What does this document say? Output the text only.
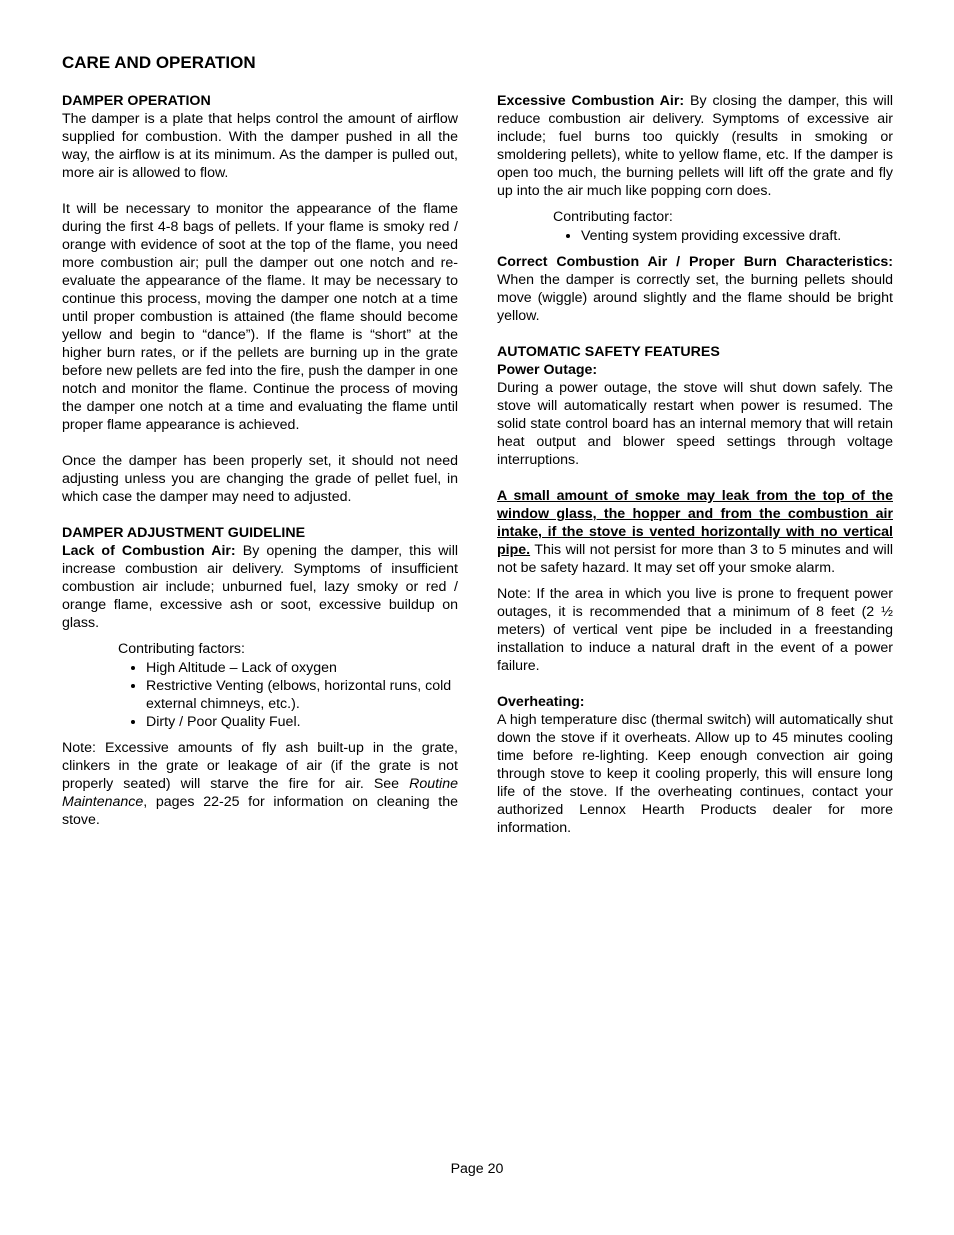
CARE AND OPERATION

DAMPER OPERATION

The damper is a plate that helps control the amount of airflow supplied for combustion. With the damper pushed in all the way, the airflow is at its minimum. As the damper is pulled out, more air is allowed to flow.

It will be necessary to monitor the appearance of the flame during the first 4-8 bags of pellets. If your flame is smoky red / orange with evidence of soot at the top of the flame, you need more combustion air; pull the damper out one notch and re-evaluate the appearance of the flame. It may be necessary to continue this process, moving the damper one notch at a time until proper combustion is attained (the flame should become yellow and begin to “dance”). If the flame is “short” at the higher burn rates, or if the pellets are burning up in the grate before new pellets are fed into the fire, push the damper in one notch and monitor the flame. Continue the process of moving the damper one notch at a time and evaluating the flame until proper flame appearance is achieved.

Once the damper has been properly set, it should not need adjusting unless you are changing the grade of pellet fuel, in which case the damper may need to adjusted.

DAMPER ADJUSTMENT GUIDELINE

Lack of Combustion Air: By opening the damper, this will increase combustion air delivery. Symptoms of insufficient combustion air include; unburned fuel, lazy smoky or red / orange flame, excessive ash or soot, excessive buildup on glass.

Contributing factors:

• High Altitude – Lack of oxygen
• Restrictive Venting (elbows, horizontal runs, cold external chimneys, etc.).
• Dirty / Poor Quality Fuel.

Note: Excessive amounts of fly ash built-up in the grate, clinkers in the grate or leakage of air (if the grate is not properly seated) will starve the fire for air. See Routine Maintenance, pages 22-25 for information on cleaning the stove.

Excessive Combustion Air: By closing the damper, this will reduce combustion air delivery. Symptoms of excessive air include; fuel burns too quickly (results in smoking or smoldering pellets), white to yellow flame, etc. If the damper is open too much, the burning pellets will lift off the grate and fly up into the air much like popping corn does.

Contributing factor:

• Venting system providing excessive draft.

Correct Combustion Air / Proper Burn Characteristics: When the damper is correctly set, the burning pellets should move (wiggle) around slightly and the flame should be bright yellow.

AUTOMATIC SAFETY FEATURES

Power Outage:

During a power outage, the stove will shut down safely. The stove will automatically restart when power is resumed. The solid state control board has an internal memory that will retain heat output and blower speed settings through voltage interruptions.

A small amount of smoke may leak from the top of the window glass, the hopper and from the combustion air intake, if the stove is vented horizontally with no vertical pipe. This will not persist for more than 3 to 5 minutes and will not be safety hazard. It may set off your smoke alarm.

Note: If the area in which you live is prone to frequent power outages, it is recommended that a minimum of 8 feet (2 ½ meters) of vertical vent pipe be included in a freestanding installation to induce a natural draft in the event of a power failure.

Overheating:

A high temperature disc (thermal switch) will automatically shut down the stove if it overheats. Allow up to 45 minutes cooling time before re-lighting. Keep enough convection air going through stove to keep it cooling properly, this will ensure long life of the stove. If the overheating continues, contact your authorized Lennox Hearth Products dealer for more information.

Page 20
